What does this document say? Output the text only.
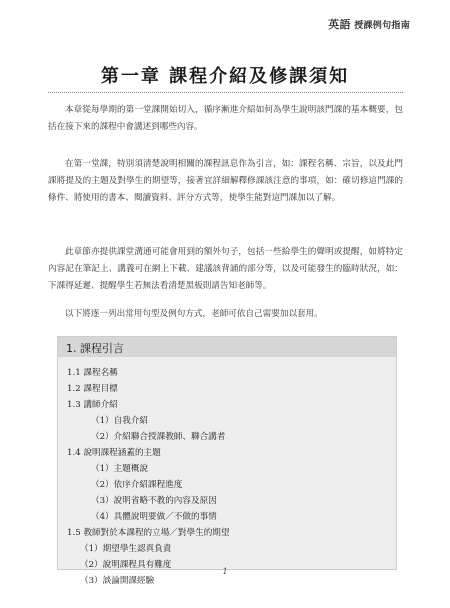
英語 授課例句指南
第一章 課程介紹及修課須知
本章從每學期的第一堂課開始切入，循序漸進介紹如何為學生說明該門課的基本概要，包括在接下來的課程中會講述到哪些內容。
在第一堂課，特別須清楚說明相關的課程訊息作為引言，如：課程名稱、宗旨，以及此門課將提及的主題及對學生的期望等，接著宜詳細解釋修課該注意的事項，如：確切修這門課的條件、將使用的書本、閱讀資料、評分方式等，使學生能對這門課加以了解。
此章節亦提供課堂溝通可能會用到的額外句子，包括一些給學生的聲明或提醒，如將特定內容記在筆記上、講義可在網上下載、建議該背誦的部分等，以及可能發生的臨時狀況，如：下課得延遲、提醒學生若無法看清楚黑板則請告知老師等。
以下將逐一列出常用句型及例句方式，老師可依自己需要加以套用。
1. 課程引言
1.1 課程名稱
1.2 課程目標
1.3 講師介紹
（1）自我介紹
（2）介紹聯合授課教師、聯合講者
1.4 說明課程涵蓋的主題
（1）主題概說
（2）依序介紹課程進度
（3）說明省略不教的內容及原因
（4）具體說明要做／不做的事情
1.5 教師對於本課程的立場／對學生的期望
（1）期望學生認真負責
（2）說明課程具有難度
（3）談論開課經驗
1
